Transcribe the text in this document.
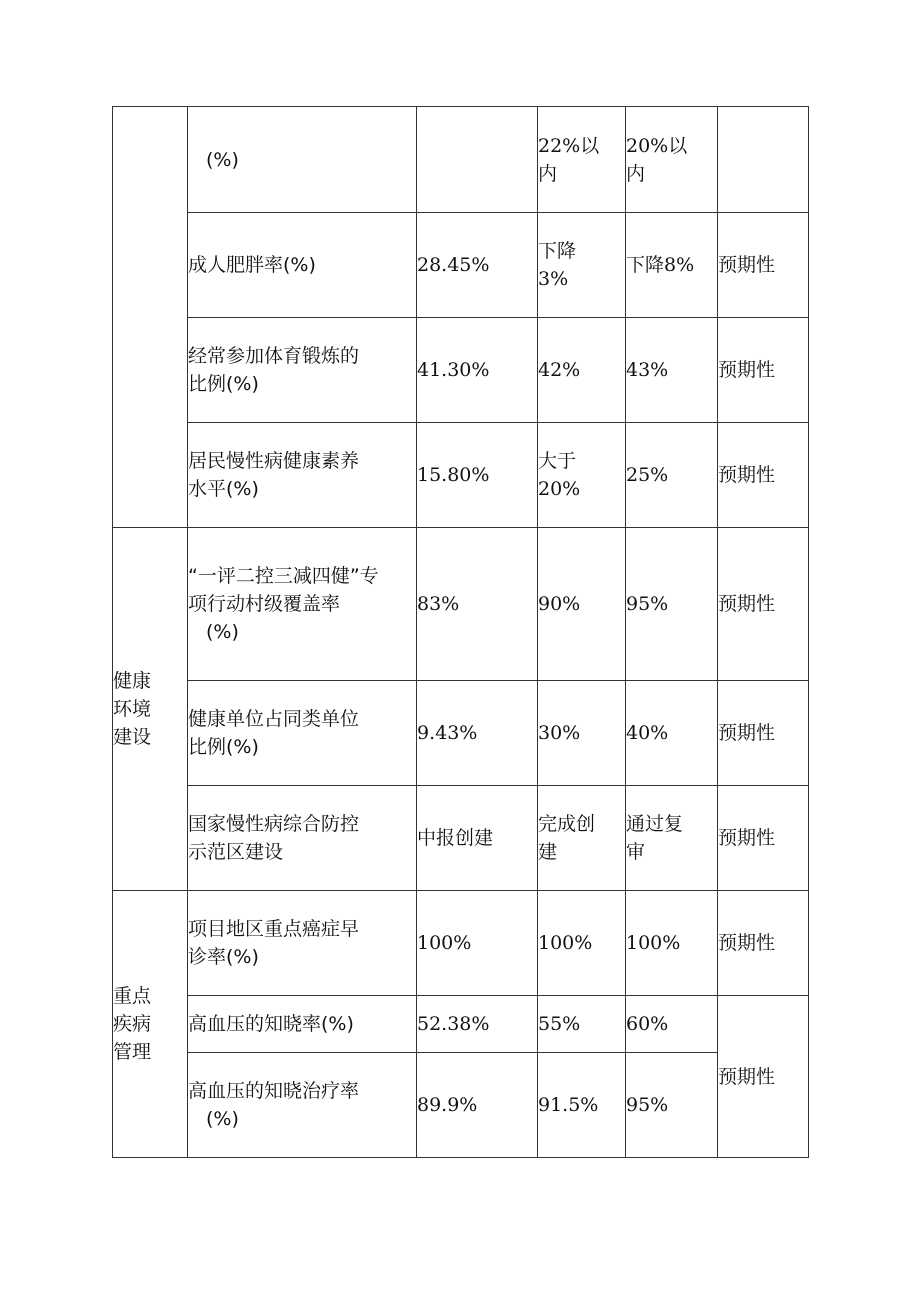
	(%)		22%以
内	20%以
内	

	成人肥胖率(%)	28.45%	下降
3%	下降8%	预期性

	经常参加体育锻炼的
比例(%)	41.30%	42%	43%	预期性

	居民慢性病健康素养
水平(%)	15.80%	大于
20%	25%	预期性

健康
环境
建设	“一评二控三减四健”专
项行动村级覆盖率
(%)	83%	90%	95%	预期性

	健康单位占同类单位
比例(%)	9.43%	30%	40%	预期性

	国家慢性病综合防控
示范区建设	中报创建	完成创
建	通过复
审	预期性

重点
疾病
管理	项目地区重点癌症早
诊率(%)	100%	100%	100%	预期性

	高血压的知晓率(%)	52.38%	55%	60%	预期性

	高血压的知晓治疗率
(%)	89.9%	91.5%	95%	
